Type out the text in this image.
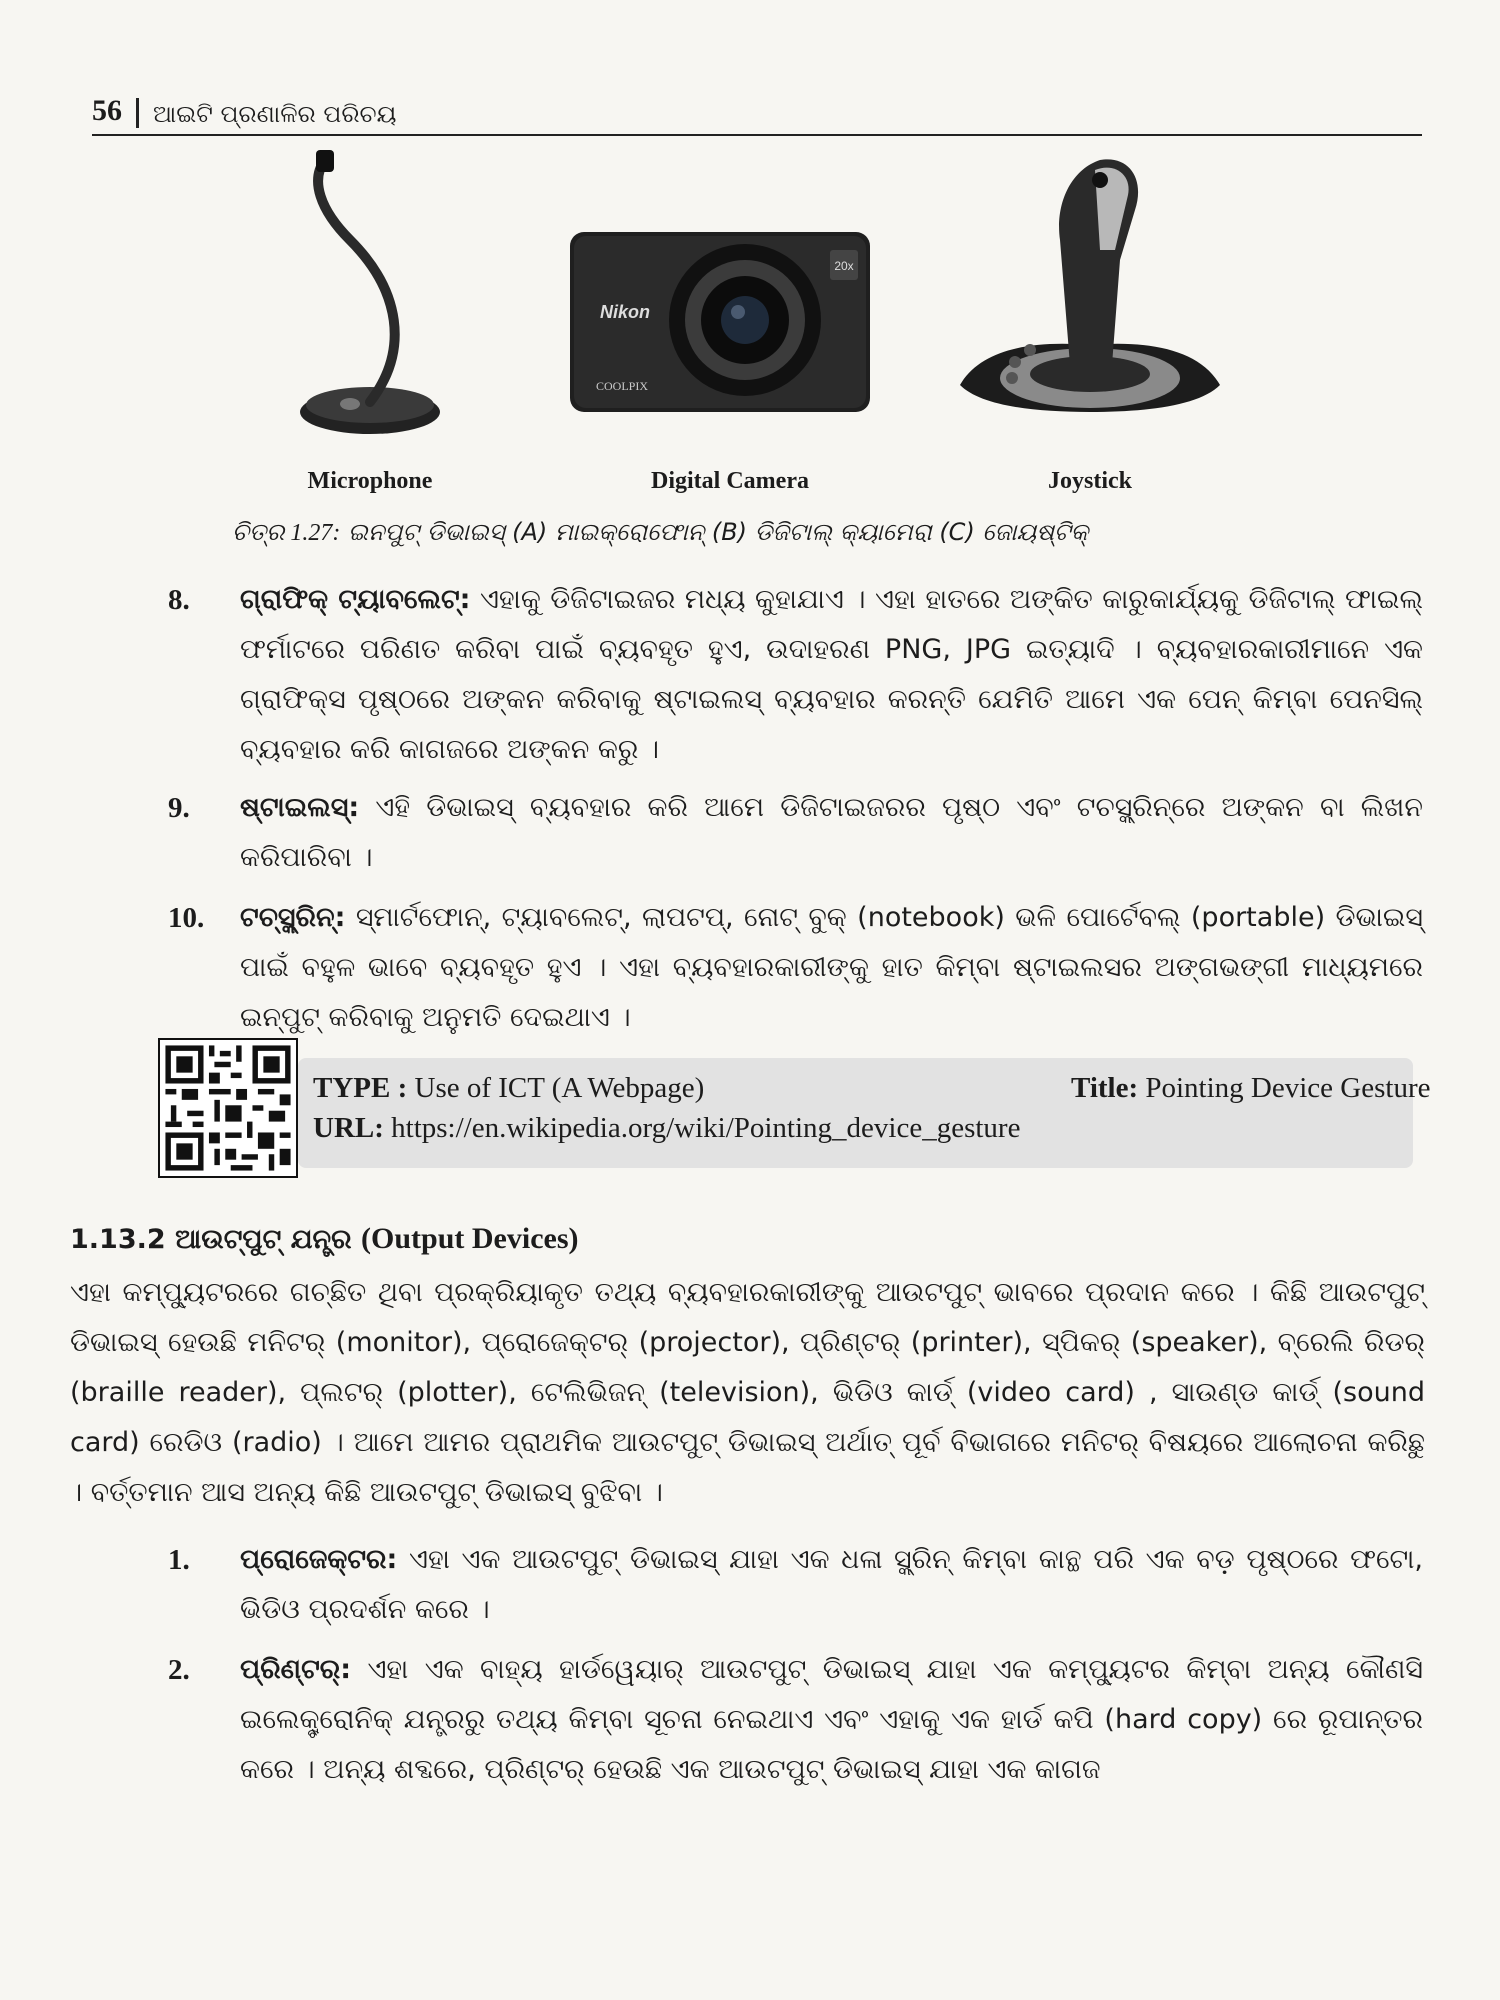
56 ଆଇଟି ପ୍ରଣାଳିର ପରିଚୟ
Microphone
20x
Nikon
COOLPIX
Digital Camera	Joystick
ଚିତ୍ର 1.27: ଇନପୁଟ୍ ଡିଭାଇସ୍ (A) ମାଇକ୍ରୋଫୋନ୍ (B) ଡିଜିଟାଲ୍ କ୍ୟାମେରା (C) ଜୋୟଷ୍ଟିକ୍
8. ଗ୍ରାଫିକ୍ ଟ୍ୟାବଲେଟ୍: ଏହାକୁ ଡିଜିଟାଇଜର ମଧ୍ୟ କୁହାଯାଏ । ଏହା ହାତରେ ଅଙ୍କିତ କାରୁକାର୍ଯ୍ୟକୁ ଡିଜିଟାଲ୍ ଫାଇଲ୍ ଫର୍ମାଟରେ ପରିଣତ କରିବା ପାଇଁ ବ୍ୟବହୃତ ହୁଏ, ଉଦାହରଣ PNG, JPG ଇତ୍ୟାଦି । ବ୍ୟବହାରକାରୀମାନେ ଏକ ଗ୍ରାଫିକ୍ସ ପୃଷ୍ଠରେ ଅଙ୍କନ କରିବାକୁ ଷ୍ଟାଇଲସ୍ ବ୍ୟବହାର କରନ୍ତି ଯେମିତି ଆମେ ଏକ ପେନ୍ କିମ୍ବା ପେନସିଲ୍ ବ୍ୟବହାର କରି କାଗଜରେ ଅଙ୍କନ କରୁ ।
9. ଷ୍ଟାଇଲସ୍: ଏହି ଡିଭାଇସ୍ ବ୍ୟବହାର କରି ଆମେ ଡିଜିଟାଇଜରର ପୃଷ୍ଠ ଏବଂ ଟଚସ୍କ୍ରିନ୍‌ରେ ଅଙ୍କନ ବା ଲିଖନ କରିପାରିବା ।
10. ଟଚ୍‌ସ୍କ୍ରିନ୍: ସ୍ମାର୍ଟଫୋନ୍, ଟ୍ୟାବଲେଟ୍, ଲାପଟପ୍, ନୋଟ୍ ବୁକ୍ (notebook) ଭଳି ପୋର୍ଟେବଲ୍ (portable) ଡିଭାଇସ୍ ପାଇଁ ବହୁଳ ଭାବେ ବ୍ୟବହୃତ ହୁଏ । ଏହା ବ୍ୟବହାରକାରୀଙ୍କୁ ହାତ କିମ୍ବା ଷ୍ଟାଇଲସର ଅଙ୍ଗଭଙ୍ଗୀ ମାଧ୍ୟମରେ ଇନ୍‌ପୁଟ୍ କରିବାକୁ ଅନୁମତି ଦେଇଥାଏ ।
TYPE : Use of ICT (A Webpage)	Title: Pointing Device Gesture
URL: https://en.wikipedia.org/wiki/Pointing_device_gesture
1.13.2 ଆଉଟ୍‌ପୁଟ୍ ଯନ୍ତ୍ର (Output Devices)
ଏହା କମ୍ପ୍ୟୁଟରରେ ଗଚ୍ଛିତ ଥିବା ପ୍ରକ୍ରିୟାକୃତ ତଥ୍ୟ ବ୍ୟବହାରକାରୀଙ୍କୁ ଆଉଟପୁଟ୍ ଭାବରେ ପ୍ରଦାନ କରେ । କିଛି ଆଉଟପୁଟ୍ ଡିଭାଇସ୍ ହେଉଛି ମନିଟର୍ (monitor), ପ୍ରୋଜେକ୍ଟର୍ (projector), ପ୍ରିଣ୍ଟର୍ (printer), ସ୍ପିକର୍ (speaker), ବ୍ରେଲି ରିଡର୍ (braille reader), ପ୍ଲଟର୍ (plotter), ଟେଲିଭିଜନ୍ (television), ଭିଡିଓ କାର୍ଡ୍ (video card) , ସାଉଣ୍ଡ କାର୍ଡ୍ (sound card) ରେଡିଓ (radio) । ଆମେ ଆମର ପ୍ରାଥମିକ ଆଉଟପୁଟ୍ ଡିଭାଇସ୍ ଅର୍ଥାତ୍ ପୂର୍ବ ବିଭାଗରେ ମନିଟର୍ ବିଷୟରେ ଆଲୋଚନା କରିଛୁ । ବର୍ତ୍ତମାନ ଆସ ଅନ୍ୟ କିଛି ଆଉଟପୁଟ୍ ଡିଭାଇସ୍ ବୁଝିବା ।
1. ପ୍ରୋଜେକ୍ଟର: ଏହା ଏକ ଆଉଟପୁଟ୍ ଡିଭାଇସ୍ ଯାହା ଏକ ଧଳା ସ୍କ୍ରିନ୍ କିମ୍ବା କାନ୍ଥ ପରି ଏକ ବଡ଼ ପୃଷ୍ଠରେ ଫଟୋ, ଭିଡିଓ ପ୍ରଦର୍ଶନ କରେ ।
2. ପ୍ରିଣ୍ଟର୍: ଏହା ଏକ ବାହ୍ୟ ହାର୍ଡୱେୟାର୍ ଆଉଟପୁଟ୍ ଡିଭାଇସ୍ ଯାହା ଏକ କମ୍ପ୍ୟୁଟର କିମ୍ବା ଅନ୍ୟ କୌଣସି ଇଲେକ୍ଟ୍ରୋନିକ୍ ଯନ୍ତ୍ରରୁ ତଥ୍ୟ କିମ୍ବା ସୂଚନା ନେଇଥାଏ ଏବଂ ଏହାକୁ ଏକ ହାର୍ଡ କପି (hard copy) ରେ ରୂପାନ୍ତର କରେ । ଅନ୍ୟ ଶବ୍ଦରେ, ପ୍ରିଣ୍ଟର୍ ହେଉଛି ଏକ ଆଉଟପୁଟ୍ ଡିଭାଇସ୍ ଯାହା ଏକ କାଗଜ
